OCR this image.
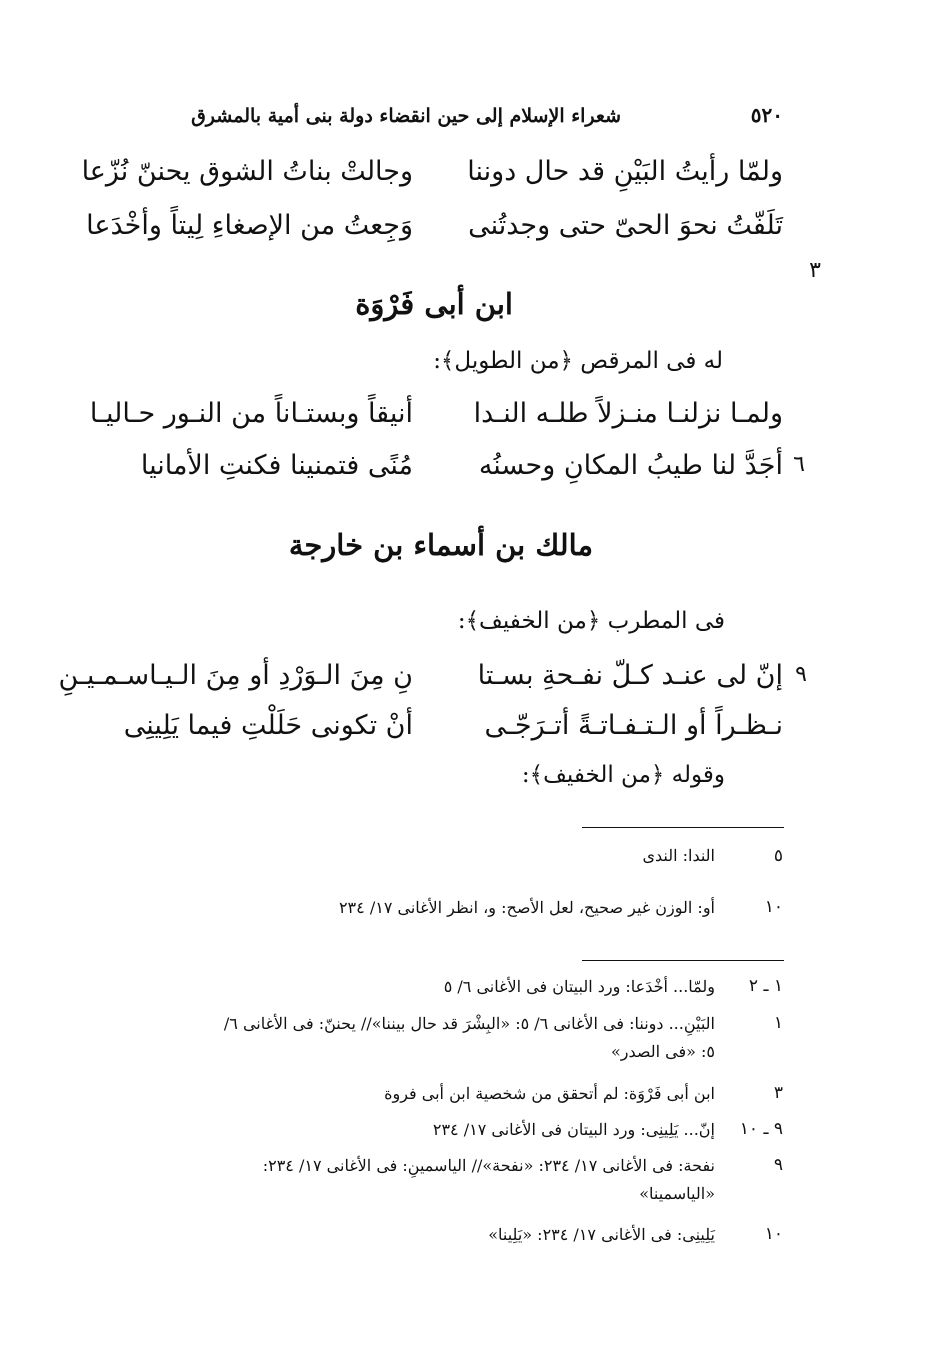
٥٢٠
شعراء الإسلام إلى حين انقضاء دولة بنى أمية بالمشرق
ولمّا رأيتُ البَيْنِ قد حال دوننا
وجالتْ بناتُ الشوق يحننّ نُزّعا
تَلَفّتُ نحوَ الحىّ حتى وجدتُنى
وَجِعتُ من الإصغاءِ لِيتاً وأخْدَعا
٣
ابن أبى فَرْوَة
له فى المرقص ﴿من الطويل﴾:
ولمـا نزلنـا منـزلاً طلـه النـدا
أنيقاً وبستـاناً من النـور حـاليـا
٦
أجَدَّ لنا طيبُ المكانِ وحسنُه
مُنًى فتمنينا فكنتِ الأمانيا
مالك بن أسماء بن خارجة
فى المطرب ﴿من الخفيف﴾:
٩
إنّ لى عنـد كـلّ نفـحةِ بسـتا
نِ مِنَ الـوَرْدِ أو مِنَ الـيـاسـمـيـنِ
نـظـراً أو الـتـفـاتـةً أتـرَجّـى
أنْ تكونى حَلَلْتِ فيما يَلِينِى
وقوله ﴿من الخفيف﴾:
٥
الندا: الندى
١٠
أو: الوزن غير صحيح، لعل الأصح: و، انظر الأغانى ١٧/ ٢٣٤
١ ـ ٢
ولمّا... أخْدَعا: ورد البيتان فى الأغانى ٦/ ٥
١
البَيْنِ... دوننا: فى الأغانى ٦/ ٥: «البِشْرَ قد حال بيننا»// يحننّ: فى الأغانى ٦/
٥: «فى الصدر»
٣
ابن أبى فَرْوَة: لم أتحقق من شخصية ابن أبى فروة
٩ ـ ١٠
إنّ... يَلِينِى: ورد البيتان فى الأغانى ١٧/ ٢٣٤
٩
نفحة: فى الأغانى ١٧/ ٢٣٤: «نفحة»// الياسمينِ: فى الأغانى ١٧/ ٢٣٤:
«الياسمينا»
١٠
يَلِينِى: فى الأغانى ١٧/ ٢٣٤: «يَلِينا»
